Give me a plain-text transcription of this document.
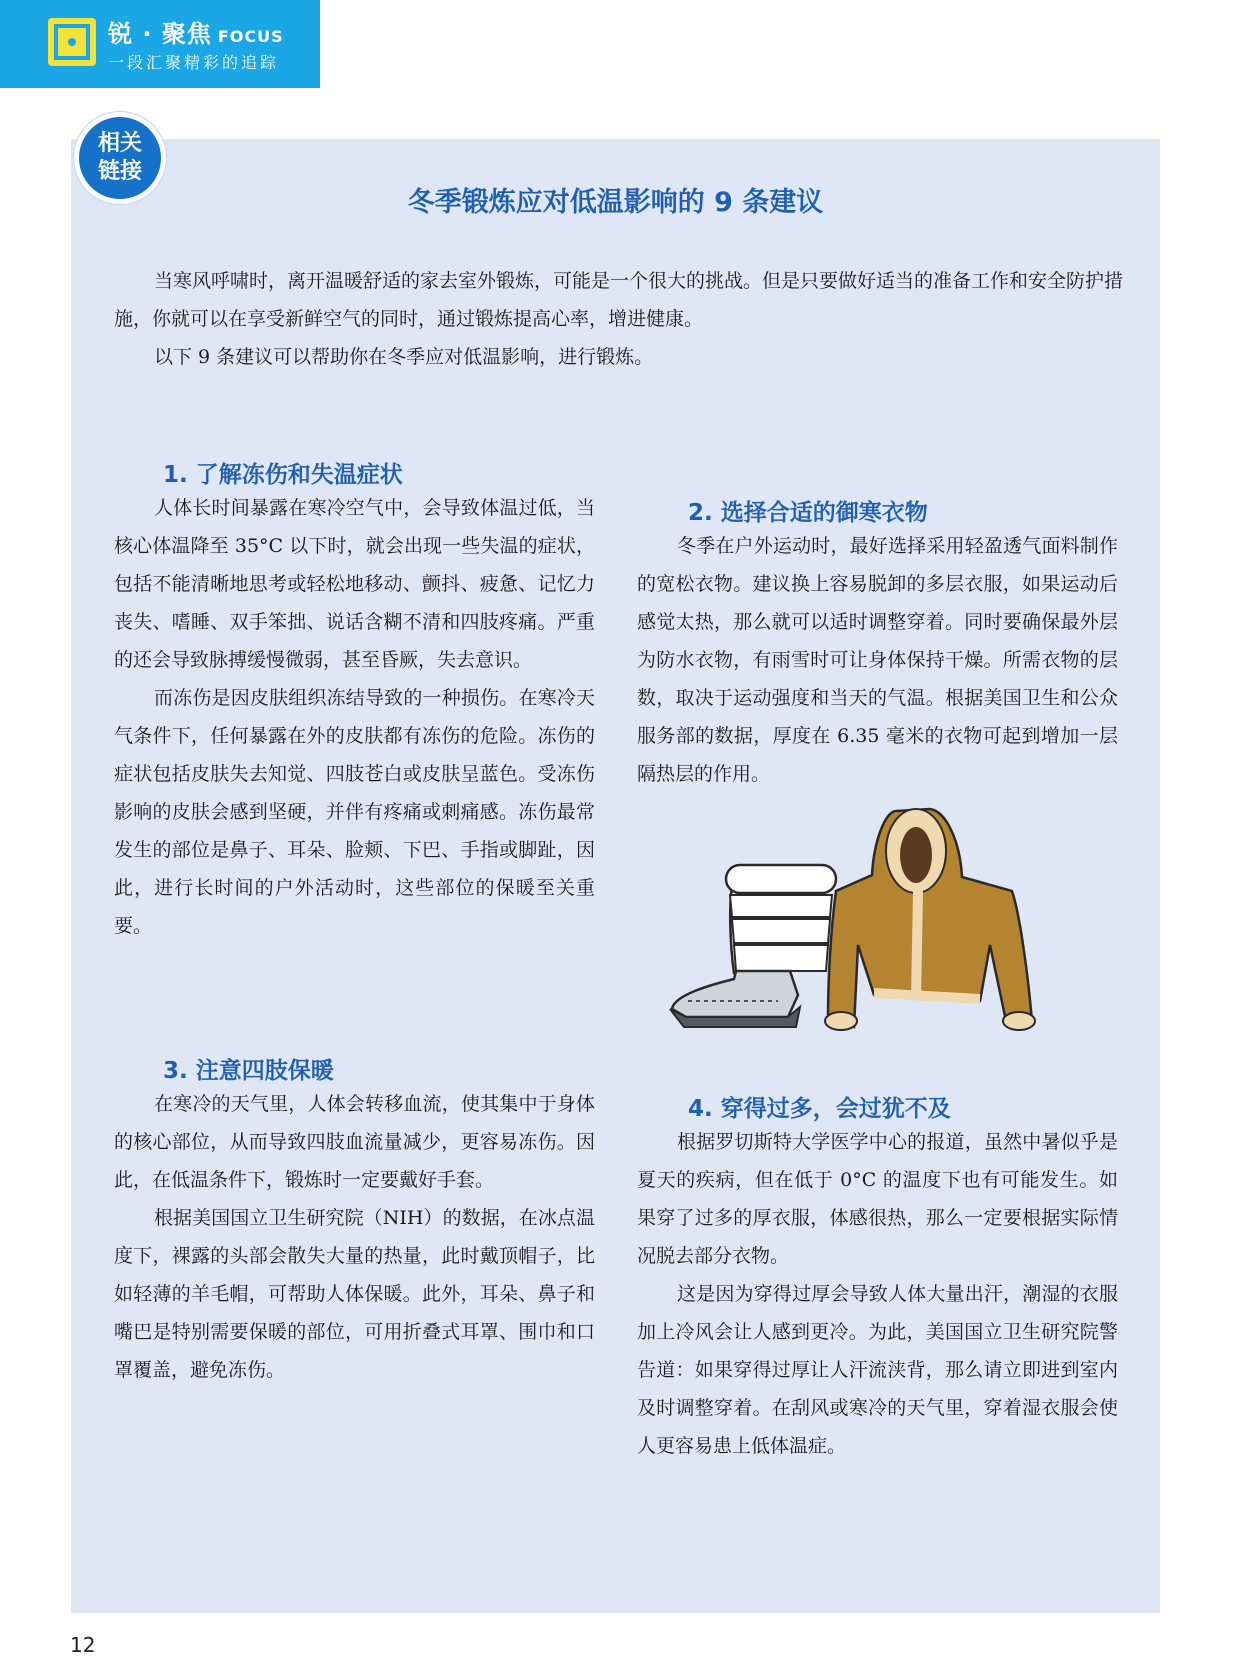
锐 · 聚焦 FOCUS
一段汇聚精彩的追踪
相关
链接
冬季锻炼应对低温影响的 9 条建议

当寒风呼啸时，离开温暖舒适的家去室外锻炼，可能是一个很大的挑战。但是只要做好适当的准备工作和安全防护措施，你就可以在享受新鲜空气的同时，通过锻炼提高心率，增进健康。

以下 9 条建议可以帮助你在冬季应对低温影响，进行锻炼。

1. 了解冻伤和失温症状

人体长时间暴露在寒冷空气中，会导致体温过低，当核心体温降至 35°C 以下时，就会出现一些失温的症状，包括不能清晰地思考或轻松地移动、颤抖、疲惫、记忆力丧失、嗜睡、双手笨拙、说话含糊不清和四肢疼痛。严重的还会导致脉搏缓慢微弱，甚至昏厥，失去意识。

而冻伤是因皮肤组织冻结导致的一种损伤。在寒冷天气条件下，任何暴露在外的皮肤都有冻伤的危险。冻伤的症状包括皮肤失去知觉、四肢苍白或皮肤呈蓝色。受冻伤影响的皮肤会感到坚硬，并伴有疼痛或刺痛感。冻伤最常发生的部位是鼻子、耳朵、脸颊、下巴、手指或脚趾，因此，进行长时间的户外活动时，这些部位的保暖至关重要。

2. 选择合适的御寒衣物

冬季在户外运动时，最好选择采用轻盈透气面料制作的宽松衣物。建议换上容易脱卸的多层衣服，如果运动后感觉太热，那么就可以适时调整穿着。同时要确保最外层为防水衣物，有雨雪时可让身体保持干燥。所需衣物的层数，取决于运动强度和当天的气温。根据美国卫生和公众服务部的数据，厚度在 6.35 毫米的衣物可起到增加一层隔热层的作用。

3. 注意四肢保暖

在寒冷的天气里，人体会转移血流，使其集中于身体的核心部位，从而导致四肢血流量减少，更容易冻伤。因此，在低温条件下，锻炼时一定要戴好手套。

根据美国国立卫生研究院（NIH）的数据，在冰点温度下，裸露的头部会散失大量的热量，此时戴顶帽子，比如轻薄的羊毛帽，可帮助人体保暖。此外，耳朵、鼻子和嘴巴是特别需要保暖的部位，可用折叠式耳罩、围巾和口罩覆盖，避免冻伤。

4. 穿得过多，会过犹不及

根据罗切斯特大学医学中心的报道，虽然中暑似乎是夏天的疾病，但在低于 0°C 的温度下也有可能发生。如果穿了过多的厚衣服，体感很热，那么一定要根据实际情况脱去部分衣物。

这是因为穿得过厚会导致人体大量出汗，潮湿的衣服加上冷风会让人感到更冷。为此，美国国立卫生研究院警告道：如果穿得过厚让人汗流浃背，那么请立即进到室内及时调整穿着。在刮风或寒冷的天气里，穿着湿衣服会使人更容易患上低体温症。

12
